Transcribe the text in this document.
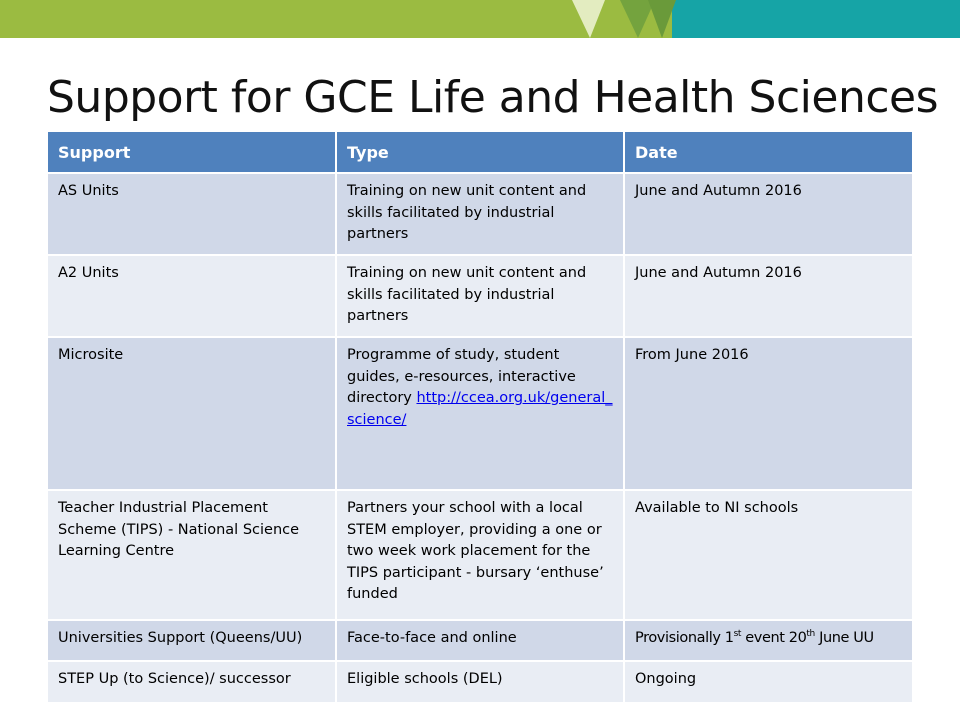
Support for GCE Life and Health Sciences
Support	Type	Date
AS Units	Training on new unit content and skills facilitated by industrial partners	June and Autumn 2016
A2 Units	Training on new unit content and skills facilitated by industrial partners	June and Autumn 2016
Microsite	Programme of study, student guides, e-resources, interactive directory http://ccea.org.uk/general_science/	From June 2016
Teacher Industrial Placement Scheme (TIPS) - National Science Learning Centre	Partners your school with a local STEM employer, providing a one or two week work placement for the TIPS participant - bursary ‘enthuse’ funded	Available to NI schools
Universities Support (Queens/UU)	Face-to-face and online	Provisionally 1st event 20th June UU
STEP Up (to Science)/ successor	Eligible schools (DEL)	Ongoing
